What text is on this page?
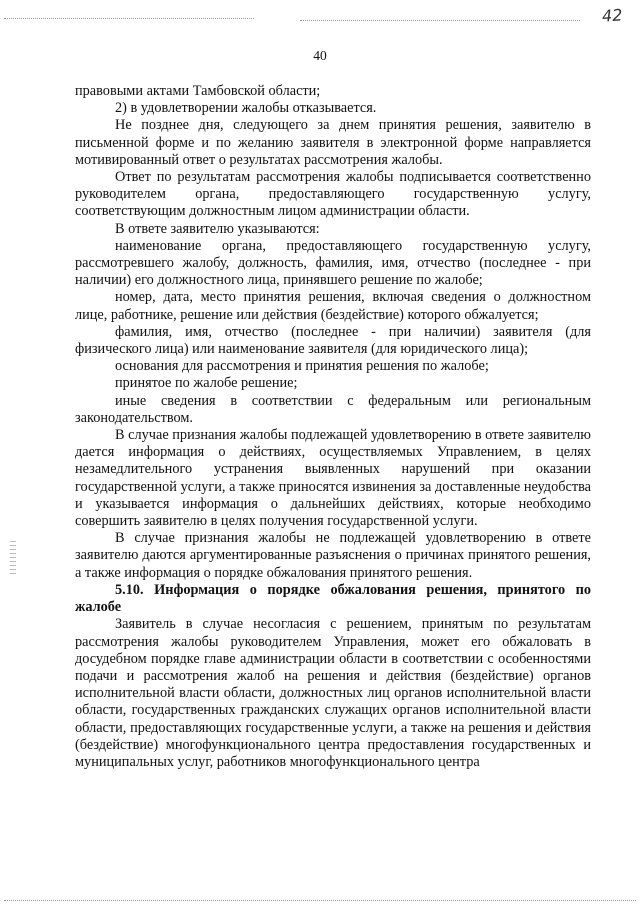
42
40

правовыми актами Тамбовской области;

2) в удовлетворении жалобы отказывается.

Не позднее дня, следующего за днем принятия решения, заявителю в письменной форме и по желанию заявителя в электронной форме направляется мотивированный ответ о результатах рассмотрения жалобы.

Ответ по результатам рассмотрения жалобы подписывается соответственно руководителем органа, предоставляющего государственную услугу, соответствующим должностным лицом администрации области.

В ответе заявителю указываются:

наименование органа, предоставляющего государственную услугу, рассмотревшего жалобу, должность, фамилия, имя, отчество (последнее - при наличии) его должностного лица, принявшего решение по жалобе;

номер, дата, место принятия решения, включая сведения о должностном лице, работнике, решение или действия (бездействие) которого обжалуется;

фамилия, имя, отчество (последнее - при наличии) заявителя (для физического лица) или наименование заявителя (для юридического лица);

основания для рассмотрения и принятия решения по жалобе;

принятое по жалобе решение;

иные сведения в соответствии с федеральным или региональным законодательством.

В случае признания жалобы подлежащей удовлетворению в ответе заявителю дается информация о действиях, осуществляемых Управлением, в целях незамедлительного устранения выявленных нарушений при оказании государственной услуги, а также приносятся извинения за доставленные неудобства и указывается информация о дальнейших действиях, которые необходимо совершить заявителю в целях получения государственной услуги.

В случае признания жалобы не подлежащей удовлетворению в ответе заявителю даются аргументированные разъяснения о причинах принятого решения, а также информация о порядке обжалования принятого решения.

5.10. Информация о порядке обжалования решения, принятого по жалобе

Заявитель в случае несогласия с решением, принятым по результатам рассмотрения жалобы руководителем Управления, может его обжаловать в досудебном порядке главе администрации области в соответствии с особенностями подачи и рассмотрения жалоб на решения и действия (бездействие) органов исполнительной власти области, должностных лиц органов исполнительной власти области, государственных гражданских служащих органов исполнительной власти области, предоставляющих государственные услуги, а также на решения и действия (бездействие) многофункционального центра предоставления государственных и муниципальных услуг, работников многофункционального центра
